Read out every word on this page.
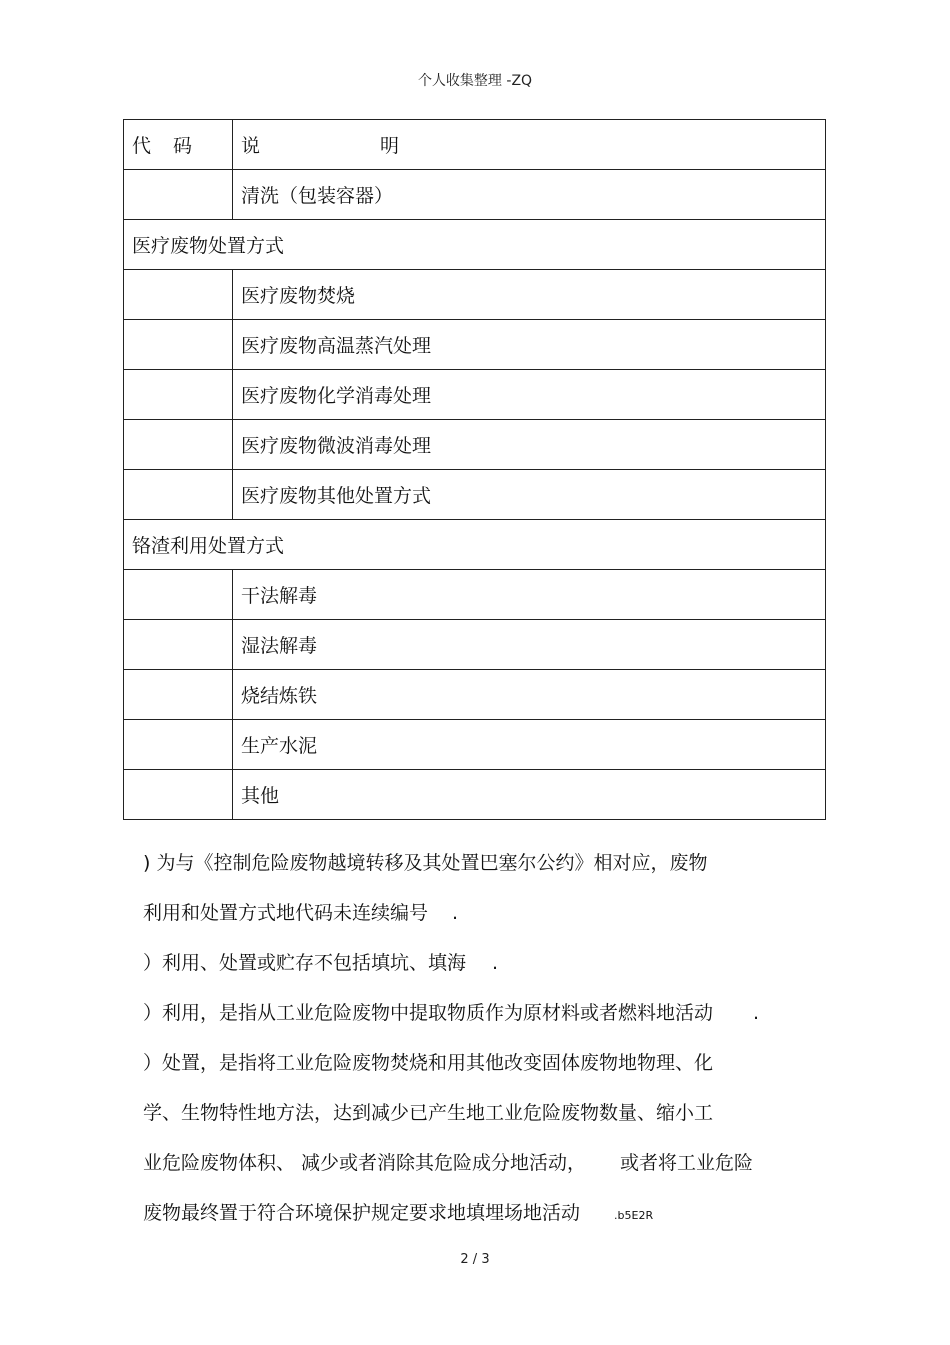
个人收集整理 -ZQ
代码	说 明

	清洗（包装容器）
医疗废物处置方式	
	医疗废物焚烧
	医疗废物高温蒸汽处理
	医疗废物化学消毒处理
	医疗废物微波消毒处理
	医疗废物其他处置方式
铬渣利用处置方式	
	干法解毒
	湿法解毒
	烧结炼铁
	生产水泥
	其他
) 为与《控制危险废物越境转移及其处置巴塞尔公约》相对应，废物
利用和处置方式地代码未连续编号 .
）利用、处置或贮存不包括填坑、填海 .
）利用，是指从工业危险废物中提取物质作为原材料或者燃料地活动 .
）处置，是指将工业危险废物焚烧和用其他改变固体废物地物理、化
学、生物特性地方法，达到减少已产生地工业危险废物数量、缩小工
业危险废物体积、 减少或者消除其危险成分地活动， 或者将工业危险
废物最终置于符合环境保护规定要求地填埋场地活动	.b5E2R
2 / 3
